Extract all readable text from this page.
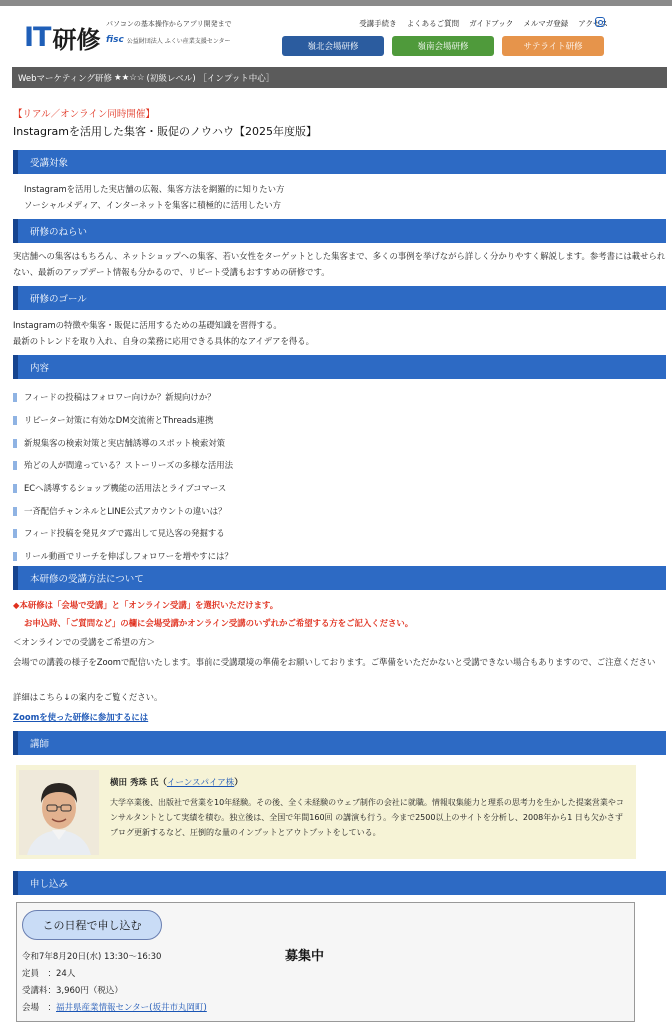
IT 研修
パソコンの基本操作からアプリ開発まで
fisc 公益財団法人 ふくい産業支援センター
受講手続き よくあるご質問 ガイドブック メルマガ登録 アクセス
嶺北会場研修	嶺南会場研修	サテライト研修
Webマーケティング研修 ★★☆☆ (初級レベル) ［インプット中心］
【リアル／オンライン同時開催】
Instagramを活用した集客・販促のノウハウ【2025年度版】
受講対象
Instagramを活用した実店舗の広報、集客方法を網羅的に知りたい方
ソーシャルメディア、インターネットを集客に積極的に活用したい方
研修のねらい
実店舗への集客はもちろん、ネットショップへの集客、若い女性をターゲットとした集客まで、多くの事例を挙げながら詳しく分かりやすく解説します。参考書には載せられない、最新のアップデート情報も分かるので、リピート受講もおすすめの研修です。
研修のゴール
Instagramの特徴や集客・販促に活用するための基礎知識を習得する。
最新のトレンドを取り入れ、自身の業務に応用できる具体的なアイデアを得る。
内容
フィードの投稿はフォロワー向けか？新規向けか？
リピーター対策に有効なDM交流術とThreads連携
新規集客の検索対策と実店舗誘導のスポット検索対策
殆どの人が間違っている？ストーリーズの多様な活用法
ECへ誘導するショップ機能の活用法とライブコマース
一斉配信チャンネルとLINE公式アカウントの違いは？
フィード投稿を発見タブで露出して見込客の発掘する
リール動画でリーチを伸ばしフォロワーを増やすには？
本研修の受講方法について
◆本研修は「会場で受講」と「オンライン受講」を選択いただけます。
お申込時、「ご質問など」の欄に会場受講かオンライン受講のいずれかご希望する方をご記入ください。
＜オンラインでの受講をご希望の方＞
会場での講義の様子をZoomで配信いたします。事前に受講環境の準備をお願いしております。ご準備をいただかないと受講できない場合もありますので、ご注意ください
詳細はこちら↓の案内をご覧ください。
Zoomを使った研修に参加するには
講師
横田 秀珠 氏（イーンスパイア株）
大学卒業後、出版社で営業を10年経験。その後、全く未経験のウェブ制作の会社に就職。情報収集能力と理系の思考力を生かした提案営業やコンサルタントとして実績を積む。独立後は、全国で年間160回 の講演も行う。今まで2500以上のサイトを分析し、2008年から1 日も欠かさずブログ更新するなど、圧倒的な量のインプットとアウトプットをしている。
申し込み
この日程で申し込む
募集中
令和7年8月20日(水) 13:30～16:30
定員　：24人
受講料：3,960円（税込）
会場　：福井県産業情報センター(坂井市丸岡町)
